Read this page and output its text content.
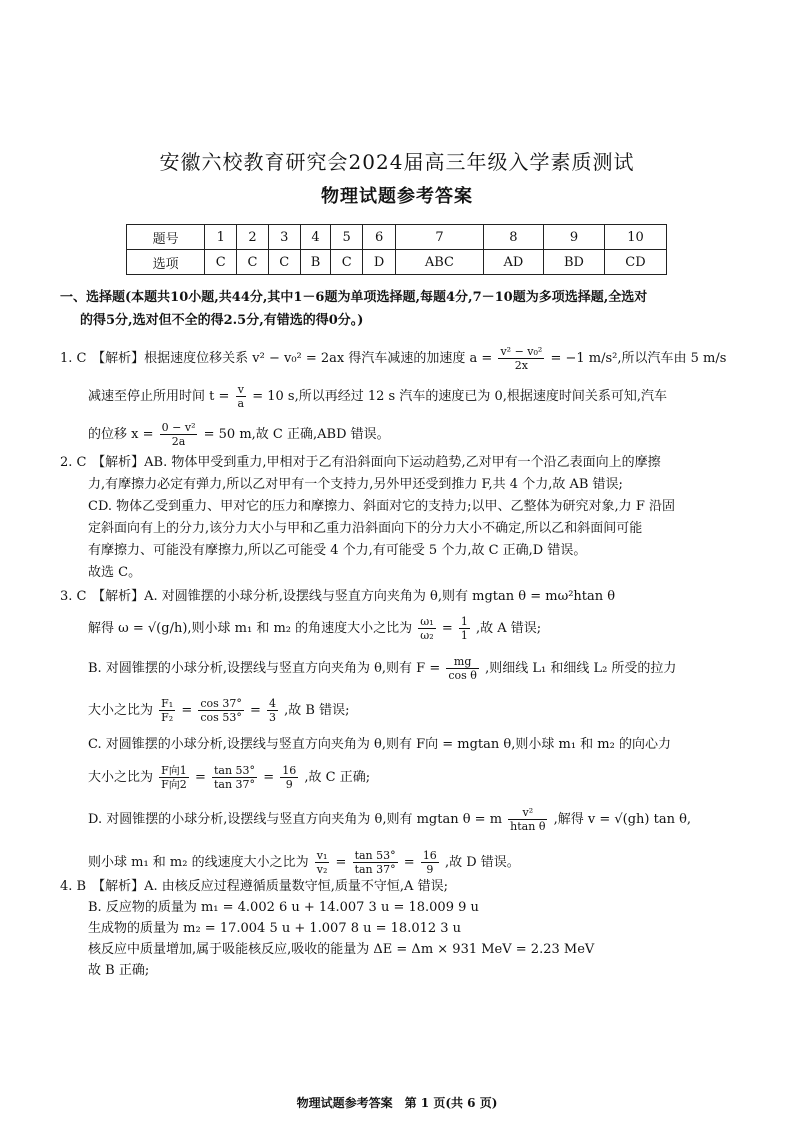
安徽六校教育研究会2024届高三年级入学素质测试
物理试题参考答案
题号	1	2	3	4	5	6	7	8	9	10
选项	C	C	C	B	C	D	ABC	AD	BD	CD
一、选择题(本题共10小题,共44分,其中1－6题为单项选择题,每题4分,7－10题为多项选择题,全选对
的得5分,选对但不全的得2.5分,有错选的得0分。)
1. C 【解析】根据速度位移关系 v² − v₀² = 2ax 得汽车减速的加速度 $a = \frac{\text{v² − v₀²}}{2x} = -1$ m/s²,所以汽车由 5 m/s
减速至停止所用时间 $t = \frac{v}{a} = 10$ s,所以再经过 12 s 汽车的速度已为 0,根据速度时间关系可知,汽车
的位移 $x = \frac{\text{0 − v²}}{2a} = 50$ m,故 C 正确,ABD 错误。
2. C 【解析】AB. 物体甲受到重力,甲相对于乙有沿斜面向下运动趋势,乙对甲有一个沿乙表面向上的摩擦
力,有摩擦力必定有弹力,所以乙对甲有一个支持力,另外甲还受到推力 F,共 4 个力,故 AB 错误;
CD. 物体乙受到重力、甲对它的压力和摩擦力、斜面对它的支持力;以甲、乙整体为研究对象,力 F 沿固
定斜面向有上的分力,该分力大小与甲和乙重力沿斜面向下的分力大小不确定,所以乙和斜面间可能
有摩擦力、可能没有摩擦力,所以乙可能受 4 个力,有可能受 5 个力,故 C 正确,D 错误。
故选 C。
3. C 【解析】A. 对圆锥摆的小球分析,设摆线与竖直方向夹角为 θ,则有 mgtan θ = mω²htan θ
解得 ω = √(g/h),则小球 m₁ 和 m₂ 的角速度大小之比为 $\frac{\text{ω₁}}{\text{ω₂}} = \frac{1}{1}$ ,故 A 错误;
B. 对圆锥摆的小球分析,设摆线与竖直方向夹角为 θ,则有 $F = \frac{mg}{\text{cos θ}}$ ,则细线 L₁ 和细线 L₂ 所受的拉力
大小之比为 $\frac{\text{F₁}}{\text{F₂}} = \frac{\cos 37^\circ}{\cos 53^\circ} = \frac{4}{3}$ ,故 B 错误;
C. 对圆锥摆的小球分析,设摆线与竖直方向夹角为 θ,则有 F向 = mgtan θ,则小球 m₁ 和 m₂ 的向心力
大小之比为 $\frac{\text{F向1}}{\text{F向2}} = \frac{\tan 53^\circ}{\tan 37^\circ} = \frac{16}{9}$ ,故 C 正确;
D. 对圆锥摆的小球分析,设摆线与竖直方向夹角为 θ,则有 mgtan θ = m $\frac{\text{v²}}{\text{htan θ}}$ ,解得 v = √(gh) tan θ,
则小球 m₁ 和 m₂ 的线速度大小之比为 $\frac{\text{v₁}}{\text{v₂}} = \frac{\tan 53^\circ}{\tan 37^\circ} = \frac{16}{9}$ ,故 D 错误。
4. B 【解析】A. 由核反应过程遵循质量数守恒,质量不守恒,A 错误;
B. 反应物的质量为 m₁ = 4.002 6 u + 14.007 3 u = 18.009 9 u
生成物的质量为 m₂ = 17.004 5 u + 1.007 8 u = 18.012 3 u
核反应中质量增加,属于吸能核反应,吸收的能量为 ΔE = Δm × 931 MeV = 2.23 MeV
故 B 正确;
物理试题参考答案　第 1 页(共 6 页)
